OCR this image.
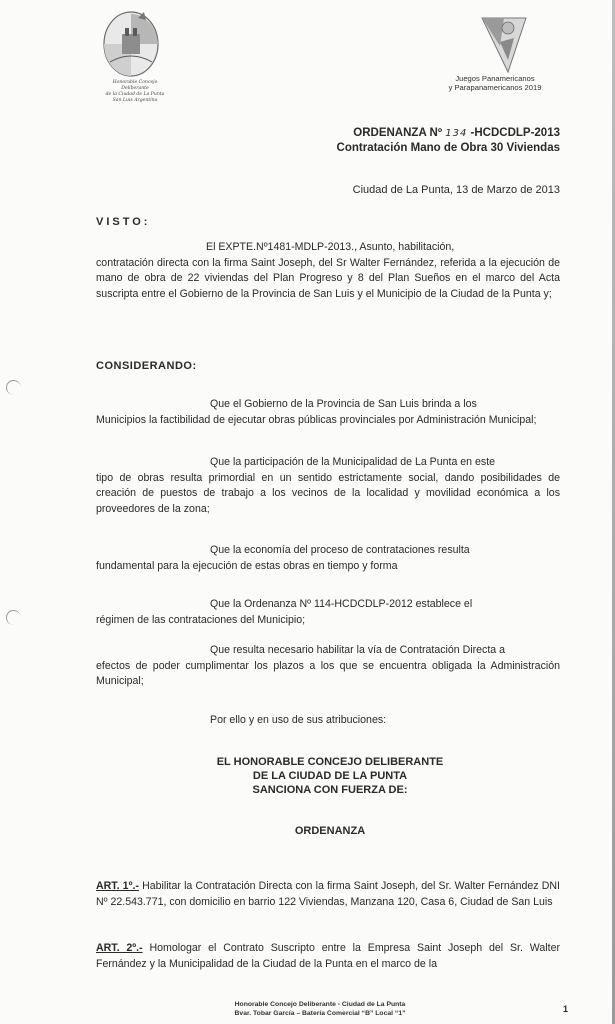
Honorable Concejo Deliberante
de la Ciudad de La Punta
San Luis Argentina
Juegos Panamericanos
y Parapanamericanos 2019
ORDENANZA Nº 134 -HCDCDLP-2013
Contratación Mano de Obra 30 Viviendas
Ciudad de La Punta, 13 de Marzo de 2013
VISTO:
El EXPTE.Nº1481-MDLP-2013., Asunto, habilitación,
contratación directa con la firma Saint Joseph, del Sr Walter Fernández, referida a la ejecución de mano de obra de 22 viviendas del Plan Progreso y 8 del Plan Sueños en el marco del Acta suscripta entre el Gobierno de la Provincia de San Luis y el Municipio de la Ciudad de la Punta y;
CONSIDERANDO:
Que el Gobierno de la Provincia de San Luis brinda a los
Municipios la factibilidad de ejecutar obras públicas provinciales por Administración Municipal;
Que la participación de la Municipalidad de La Punta en este
tipo de obras resulta primordial en un sentido estrictamente social, dando posibilidades de creación de puestos de trabajo a los vecinos de la localidad y movilidad económica a los proveedores de la zona;
Que la economía del proceso de contrataciones resulta
fundamental para la ejecución de estas obras en tiempo y forma
Que la Ordenanza Nº 114-HCDCDLP-2012 establece el
régimen de las contrataciones del Municipio;
Que resulta necesario habilitar la vía de Contratación Directa a
efectos de poder cumplimentar los plazos a los que se encuentra obligada la Administración Municipal;
Por ello y en uso de sus atribuciones:
EL HONORABLE CONCEJO DELIBERANTE
DE LA CIUDAD DE LA PUNTA
SANCIONA CON FUERZA DE:
ORDENANZA
ART. 1º.- Habilitar la Contratación Directa con la firma Saint Joseph, del Sr. Walter Fernández DNI Nº 22.543.771, con domicilio en barrio 122 Viviendas, Manzana 120, Casa 6, Ciudad de San Luis
ART. 2º.- Homologar el Contrato Suscripto entre la Empresa Saint Joseph del Sr. Walter Fernández y la Municipalidad de la Ciudad de la Punta en el marco de la
Honorable Concejo Deliberante - Ciudad de La Punta
Bvar. Tobar García – Batería Comercial “B” Local “1”	1
